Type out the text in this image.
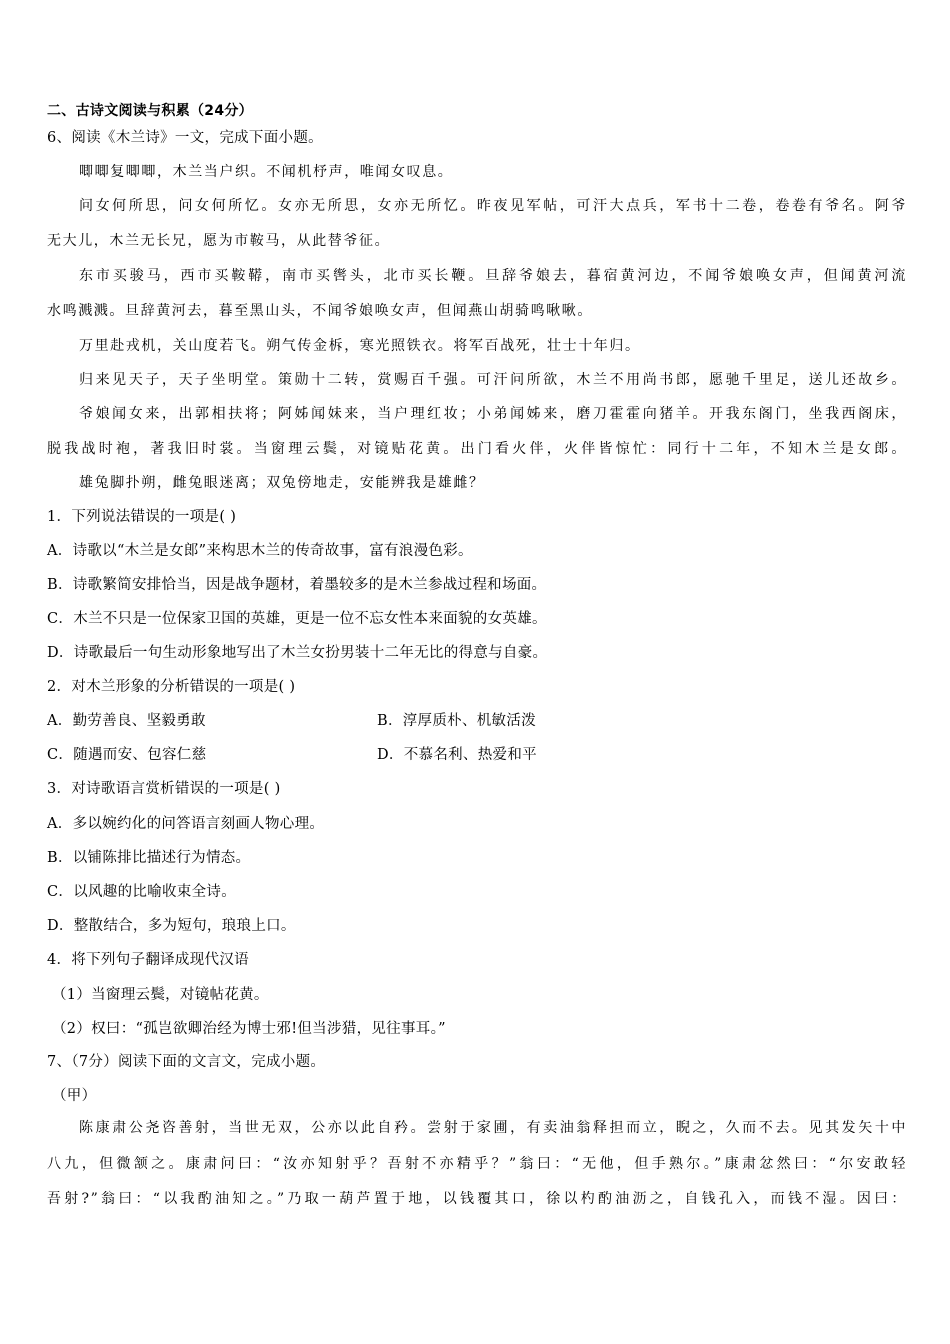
二、古诗文阅读与积累（24分）
6、阅读《木兰诗》一文，完成下面小题。
唧唧复唧唧，木兰当户织。不闻机杼声，唯闻女叹息。
问女何所思，问女何所忆。女亦无所思，女亦无所忆。昨夜见军帖，可汗大点兵，军书十二卷，卷卷有爷名。阿爷
无大儿，木兰无长兄，愿为市鞍马，从此替爷征。
东市买骏马，西市买鞍鞯，南市买辔头，北市买长鞭。旦辞爷娘去，暮宿黄河边，不闻爷娘唤女声，但闻黄河流
水鸣溅溅。旦辞黄河去，暮至黑山头，不闻爷娘唤女声，但闻燕山胡骑鸣啾啾。
万里赴戎机，关山度若飞。朔气传金柝，寒光照铁衣。将军百战死，壮士十年归。
归来见天子，天子坐明堂。策勋十二转，赏赐百千强。可汗问所欲，木兰不用尚书郎，愿驰千里足，送儿还故乡。
爷娘闻女来，出郭相扶将；阿姊闻妹来，当户理红妆；小弟闻姊来，磨刀霍霍向猪羊。开我东阁门，坐我西阁床，
脱我战时袍，著我旧时裳。当窗理云鬓，对镜贴花黄。出门看火伴，火伴皆惊忙：同行十二年，不知木兰是女郎。
雄兔脚扑朔，雌兔眼迷离；双兔傍地走，安能辨我是雄雌？
1．下列说法错误的一项是( )
A．诗歌以“木兰是女郎”来构思木兰的传奇故事，富有浪漫色彩。
B．诗歌繁简安排恰当，因是战争题材，着墨较多的是木兰参战过程和场面。
C．木兰不只是一位保家卫国的英雄，更是一位不忘女性本来面貌的女英雄。
D．诗歌最后一句生动形象地写出了木兰女扮男装十二年无比的得意与自豪。
2．对木兰形象的分析错误的一项是( )
A．勤劳善良、坚毅勇敢	B．淳厚质朴、机敏活泼
C．随遇而安、包容仁慈	D．不慕名利、热爱和平
3．对诗歌语言赏析错误的一项是( )
A．多以婉约化的问答语言刻画人物心理。
B．以铺陈排比描述行为情态。
C．以风趣的比喻收束全诗。
D．整散结合，多为短句，琅琅上口。
4．将下列句子翻译成现代汉语
（1）当窗理云鬓，对镜帖花黄。
（2）权曰：“孤岂欲卿治经为博士邪!但当涉猎，见往事耳。”
7、（7分）阅读下面的文言文，完成小题。
（甲）
陈康肃公尧咨善射，当世无双，公亦以此自矜。尝射于家圃，有卖油翁释担而立，睨之，久而不去。见其发矢十中
八九，但微颔之。康肃问曰：“汝亦知射乎？吾射不亦精乎？”翁曰：“无他，但手熟尔。”康肃忿然曰：“尔安敢轻
吾射?”翁曰：“以我酌油知之。”乃取一葫芦置于地，以钱覆其口，徐以杓酌油沥之，自钱孔入，而钱不湿。因曰：
